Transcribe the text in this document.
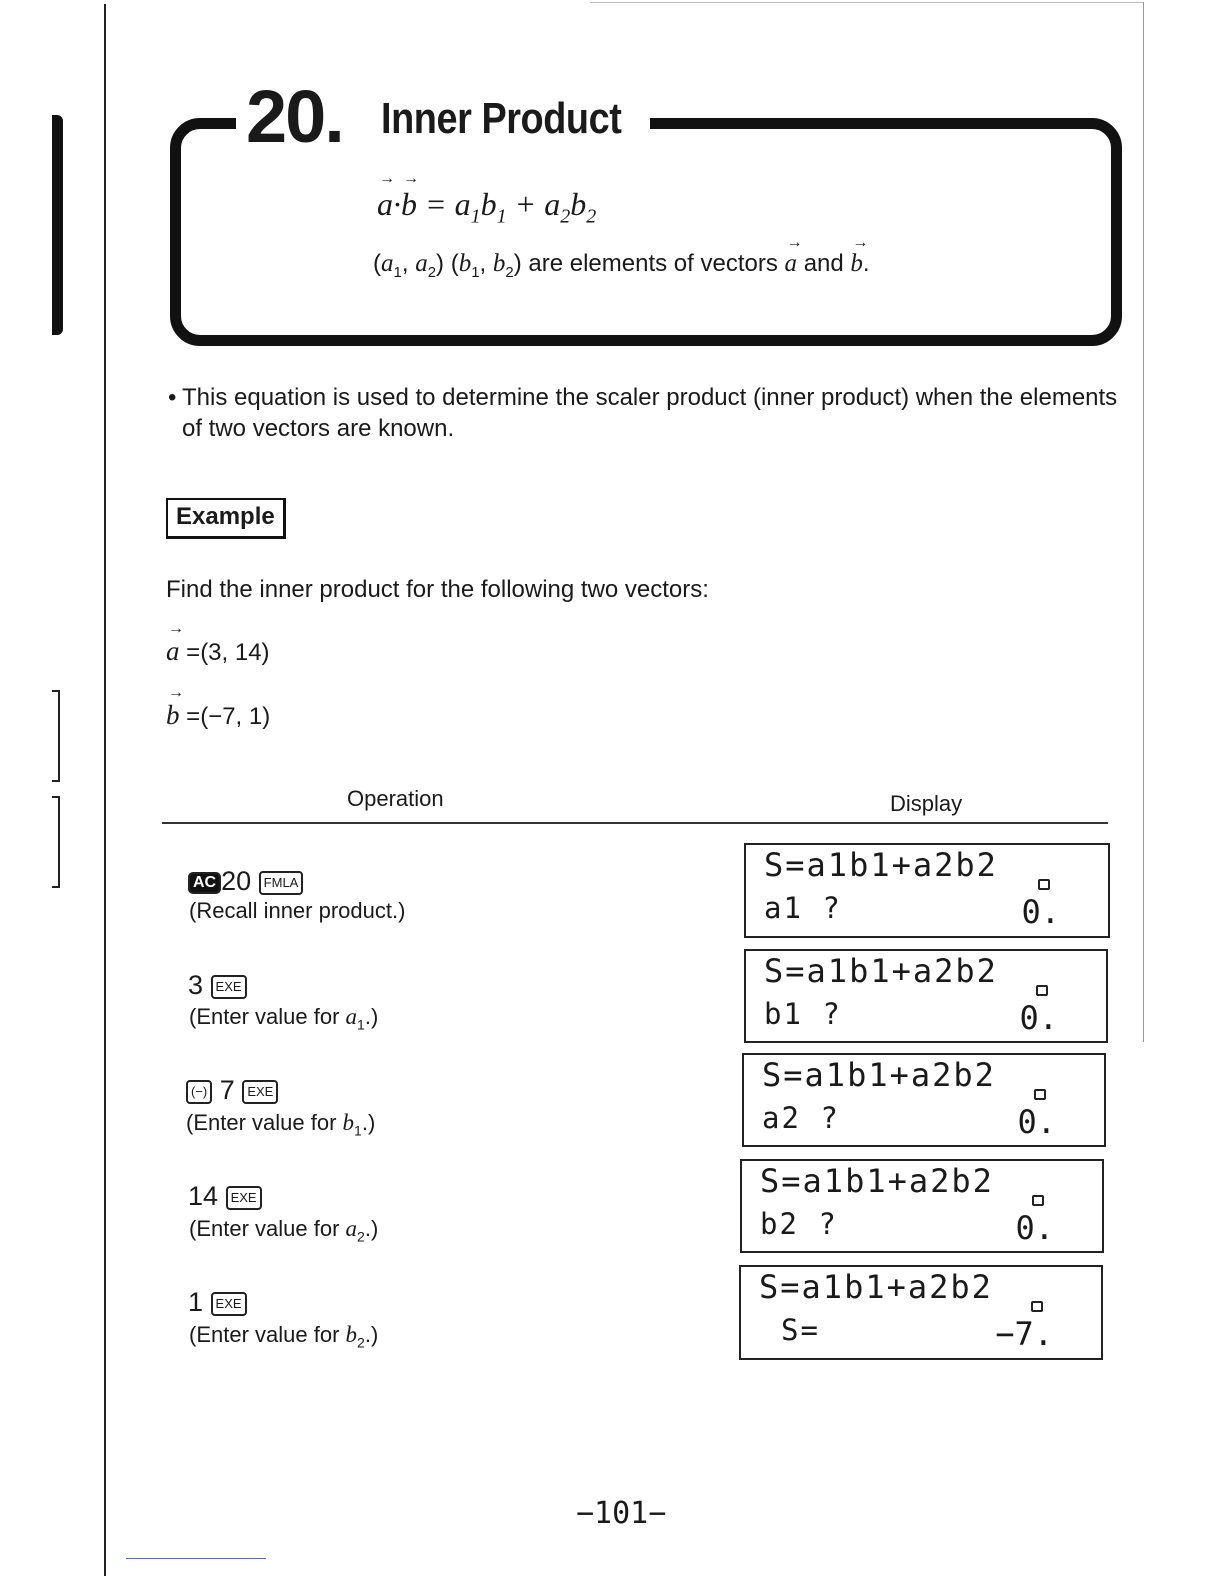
20. Inner Product
→ $a\cdot\to b = a_1b_1 + a_2b_2$
($a_1$, $a_2$) ($b_1$, $b_2$) are elements of vectors → a and → b.
• This equation is used to determine the scaler product (inner product) when the elements of two vectors are known.
Example
Find the inner product for the following two vectors:
→ a =(3, 14)
→ b =(−7, 1)
Operation	Display
AC 20 FMLA
(Recall inner product.)
S=a1b1+a2b2
a1 ?	0.
3 EXE
(Enter value for $a_1$.)
S=a1b1+a2b2
b1 ?	0.
(−) 7 EXE
(Enter value for $b_1$.)
S=a1b1+a2b2
a2 ?	0.
14 EXE
(Enter value for $a_2$.)
S=a1b1+a2b2
b2 ?	0.
1 EXE
(Enter value for $b_2$.)
S=a1b1+a2b2
S=	−7.
−101−
